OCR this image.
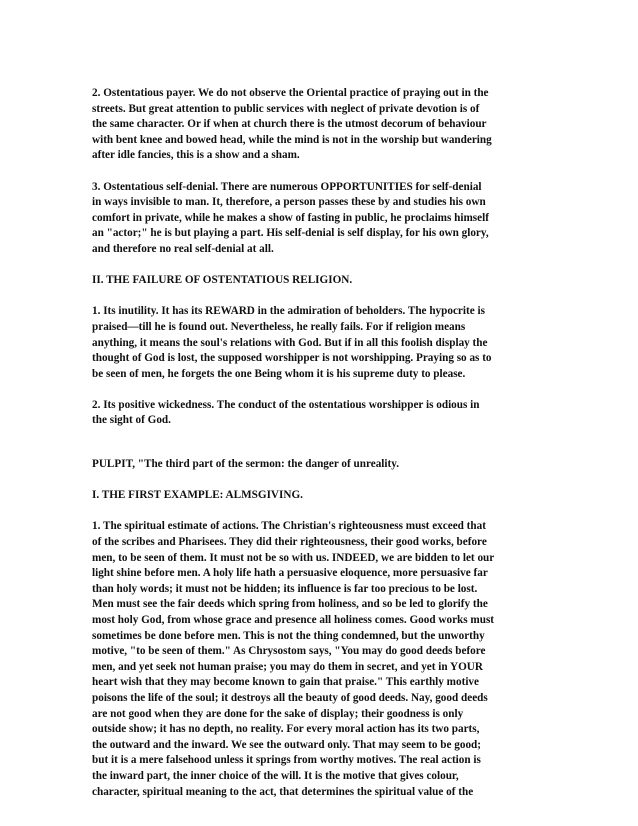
2. Ostentatious payer. We do not observe the Oriental practice of praying out in the
streets. But great attention to public services with neglect of private devotion is of
the same character. Or if when at church there is the utmost decorum of behaviour
with bent knee and bowed head, while the mind is not in the worship but wandering
after idle fancies, this is a show and a sham.
3. Ostentatious self-denial. There are numerous OPPORTUNITIES for self-denial
in ways invisible to man. It, therefore, a person passes these by and studies his own
comfort in private, while he makes a show of fasting in public, he proclaims himself
an "actor;" he is but playing a part. His self-denial is self display, for his own glory,
and therefore no real self-denial at all.
II. THE FAILURE OF OSTENTATIOUS RELIGION.
1. Its inutility. It has its REWARD in the admiration of beholders. The hypocrite is
praised—till he is found out. Nevertheless, he really fails. For if religion means
anything, it means the soul's relations with God. But if in all this foolish display the
thought of God is lost, the supposed worshipper is not worshipping. Praying so as to
be seen of men, he forgets the one Being whom it is his supreme duty to please.
2. Its positive wickedness. The conduct of the ostentatious worshipper is odious in
the sight of God.
PULPIT, "The third part of the sermon: the danger of unreality.
I. THE FIRST EXAMPLE: ALMSGIVING.
1. The spiritual estimate of actions. The Christian's righteousness must exceed that
of the scribes and Pharisees. They did their righteousness, their good works, before
men, to be seen of them. It must not be so with us. INDEED, we are bidden to let our
light shine before men. A holy life hath a persuasive eloquence, more persuasive far
than holy words; it must not be hidden; its influence is far too precious to be lost.
Men must see the fair deeds which spring from holiness, and so be led to glorify the
most holy God, from whose grace and presence all holiness comes. Good works must
sometimes be done before men. This is not the thing condemned, but the unworthy
motive, "to be seen of them." As Chrysostom says, "You may do good deeds before
men, and yet seek not human praise; you may do them in secret, and yet in YOUR
heart wish that they may become known to gain that praise." This earthly motive
poisons the life of the soul; it destroys all the beauty of good deeds. Nay, good deeds
are not good when they are done for the sake of display; their goodness is only
outside show; it has no depth, no reality. For every moral action has its two parts,
the outward and the inward. We see the outward only. That may seem to be good;
but it is a mere falsehood unless it springs from worthy motives. The real action is
the inward part, the inner choice of the will. It is the motive that gives colour,
character, spiritual meaning to the act, that determines the spiritual value of the
